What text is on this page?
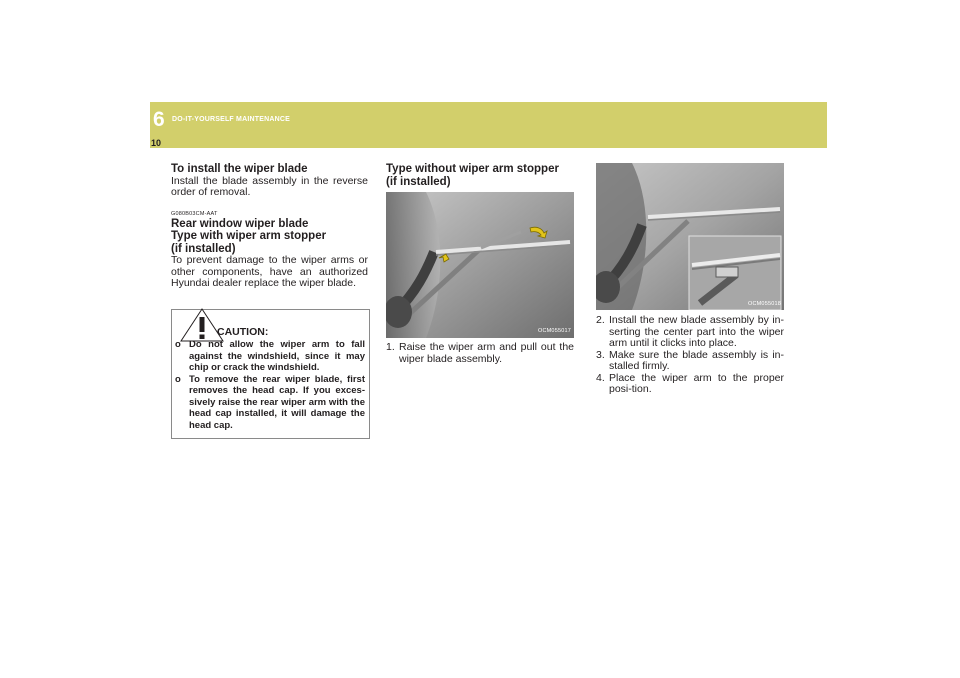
6 DO-IT-YOURSELF MAINTENANCE
10
To install the wiper blade
Install the blade assembly in the reverse order of removal.
G080B03CM-AAT
Rear window wiper blade
Type with wiper arm stopper
(if installed)
To prevent damage to the wiper arms or other components, have an authorized Hyundai dealer replace the wiper blade.
CAUTION:
o Do not allow the wiper arm to fall against the windshield, since it may chip or crack the windshield.
o To remove the rear wiper blade, first removes the head cap. If you exces-sively raise the rear wiper arm with the head cap installed, it will damage the head cap.
Type without wiper arm stopper
(if installed)
OCM055017
1. Raise the wiper arm and pull out the wiper blade assembly.
OCM055018
2. Install the new blade assembly by in-serting the center part into the wiper arm until it clicks into place.
3. Make sure the blade assembly is in-stalled firmly.
4. Place the wiper arm to the proper posi-tion.
